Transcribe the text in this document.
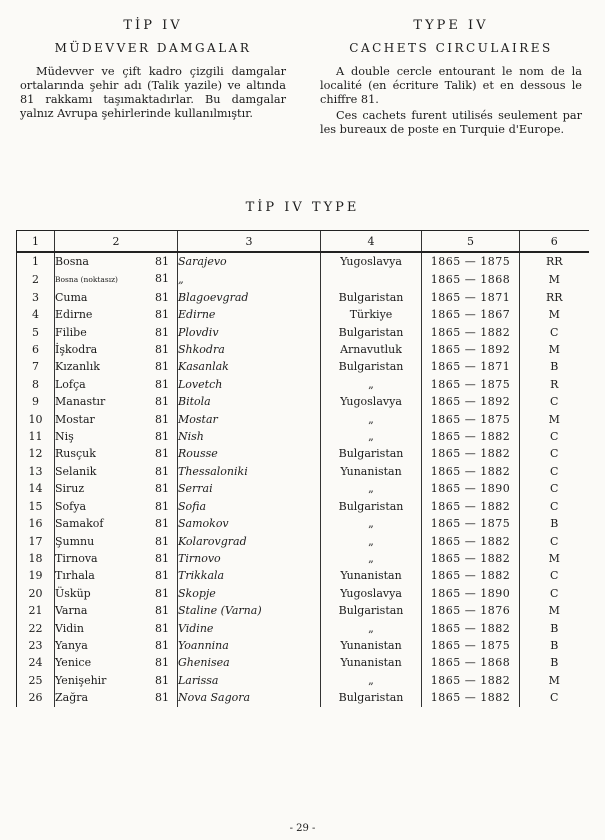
TİP IV
MÜDEVVER DAMGALAR

Müdevver ve çift kadro çizgili damgalar ortalarında şehir adı (Talik yazile) ve altında 81 rakkamı taşımaktadırlar. Bu damgalar yalnız Avrupa şehirlerinde kullanılmıştır.

TYPE IV
CACHETS CIRCULAIRES

A double cercle entourant le nom de la localité (en écriture Talik) et en dessous le chiffre 81.

Ces cachets furent utilisés seulement par les bureaux de poste en Turquie d'Europe.

TİP IV TYPE
1	2	3	4	5	6
1	Bosna 81	Sarajevo	Yugoslavya	1865 — 1875	RR
2	Bosna (noktasız) 81	„		1865 — 1868	M
3	Cuma 81	Blagoevgrad	Bulgaristan	1865 — 1871	RR
4	Edirne 81	Edirne	Türkiye	1865 — 1867	M
5	Filibe 81	Plovdiv	Bulgaristan	1865 — 1882	C
6	İşkodra 81	Shkodra	Arnavutluk	1865 — 1892	M
7	Kızanlık 81	Kasanlak	Bulgaristan	1865 — 1871	B
8	Lofça 81	Lovetch	„	1865 — 1875	R
9	Manastır 81	Bitola	Yugoslavya	1865 — 1892	C
10	Mostar 81	Mostar	„	1865 — 1875	M
11	Niş 81	Nish	„	1865 — 1882	C
12	Rusçuk 81	Rousse	Bulgaristan	1865 — 1882	C
13	Selanik 81	Thessaloniki	Yunanistan	1865 — 1882	C
14	Siruz 81	Serrai	„	1865 — 1890	C
15	Sofya 81	Sofia	Bulgaristan	1865 — 1882	C
16	Samakof 81	Samokov	„	1865 — 1875	B
17	Şumnu 81	Kolarovgrad	„	1865 — 1882	C
18	Tirnova 81	Tirnovo	„	1865 — 1882	M
19	Tırhala 81	Trikkala	Yunanistan	1865 — 1882	C
20	Üsküp 81	Skopje	Yugoslavya	1865 — 1890	C
21	Varna 81	Staline (Varna)	Bulgaristan	1865 — 1876	M
22	Vidin 81	Vidine	„	1865 — 1882	B
23	Yanya 81	Yoannina	Yunanistan	1865 — 1875	B
24	Yenice 81	Ghenisea	Yunanistan	1865 — 1868	B
25	Yenişehir 81	Larissa	„	1865 — 1882	M
26	Zağra 81	Nova Sagora	Bulgaristan	1865 — 1882	C
- 29 -
